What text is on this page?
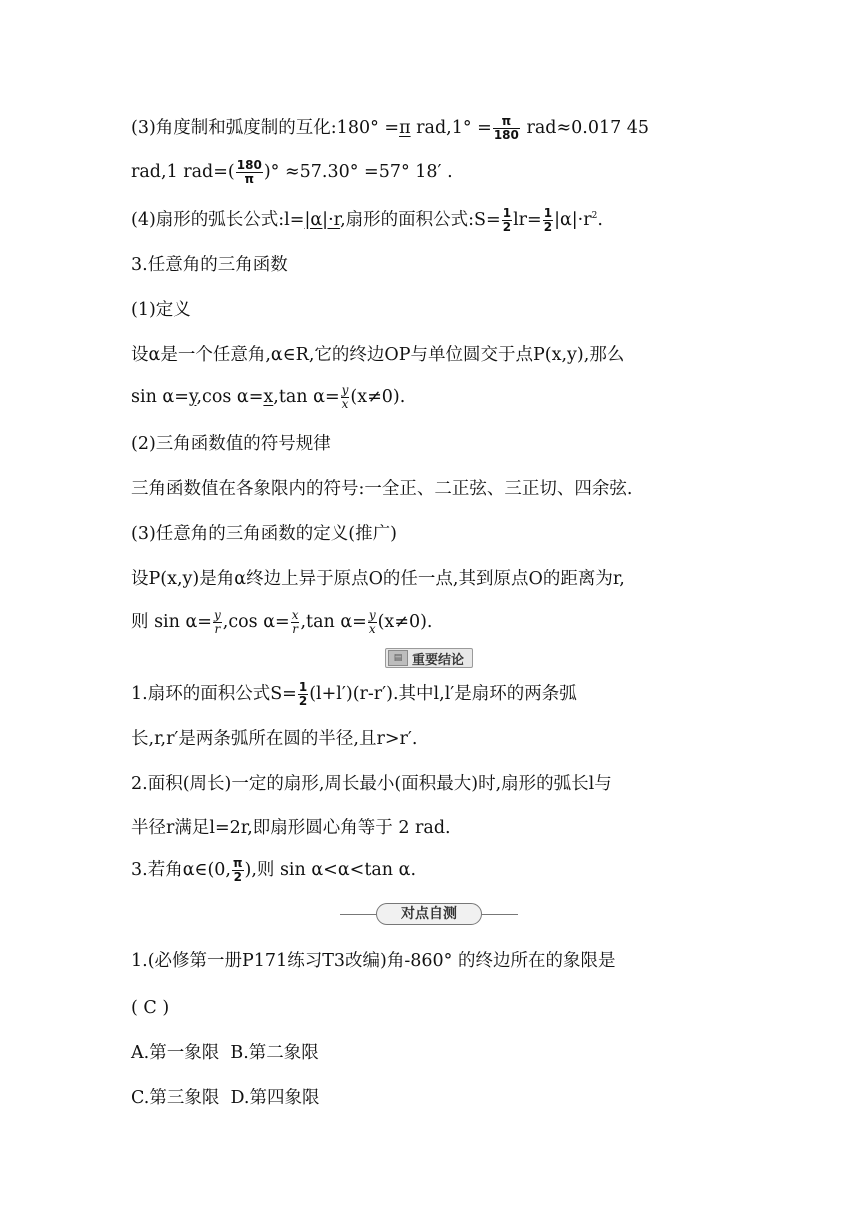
(3)角度制和弧度制的互化:180° =π $rad,1^\circ = \frac{\pi}{180} rad\approx 0.017$ 45
rad,1 $rad=( \frac{180}{\pi}$ )° ≈57.30° =57° 18′ .
(4)扇形的弧长公式:l=|α|·r,扇形的面积公式:S= $\frac{1}{2} lr= \frac{1}{2} |\alpha|\cdot r^2$.
3.任意角的三角函数
(1)定义
设α是一个任意角,α∈R,它的终边OP与单位圆交于点P(x,y),那么
sin α=y,cos α=x,tan $\alpha= \frac{y}{x} (x\ne 0)$.
(2)三角函数值的符号规律
三角函数值在各象限内的符号:一全正、二正弦、三正切、四余弦.
(3)任意角的三角函数的定义(推广)
设P(x,y)是角α终边上异于原点O的任一点,其到原点O的距离为r,
则 $\sin \alpha= \frac{y}{r} ,\cos$ $\alpha= \frac{x}{r} ,\tan$ $\alpha= \frac{y}{x} (x\ne 0)$.
▤ 重要结论
1.扇环的面积公式$S= \frac{1}{2} (l+l')(r-r')$.其中l,l′是扇环的两条弧
长,r,r′是两条弧所在圆的半径,且r>r′.
2.面积(周长)一定的扇形,周长最小(面积最大)时,扇形的弧长l与
半径r满足l=2r,即扇形圆心角等于 2 rad.
3.若角α∈(0, $\frac{\pi}{2}$ ),则 sin α<α<tan α.
对点自测
1.(必修第一册P171练习T3改编)角-860° 的终边所在的象限是
( C )
A.第一象限 B.第二象限
C.第三象限 D.第四象限
